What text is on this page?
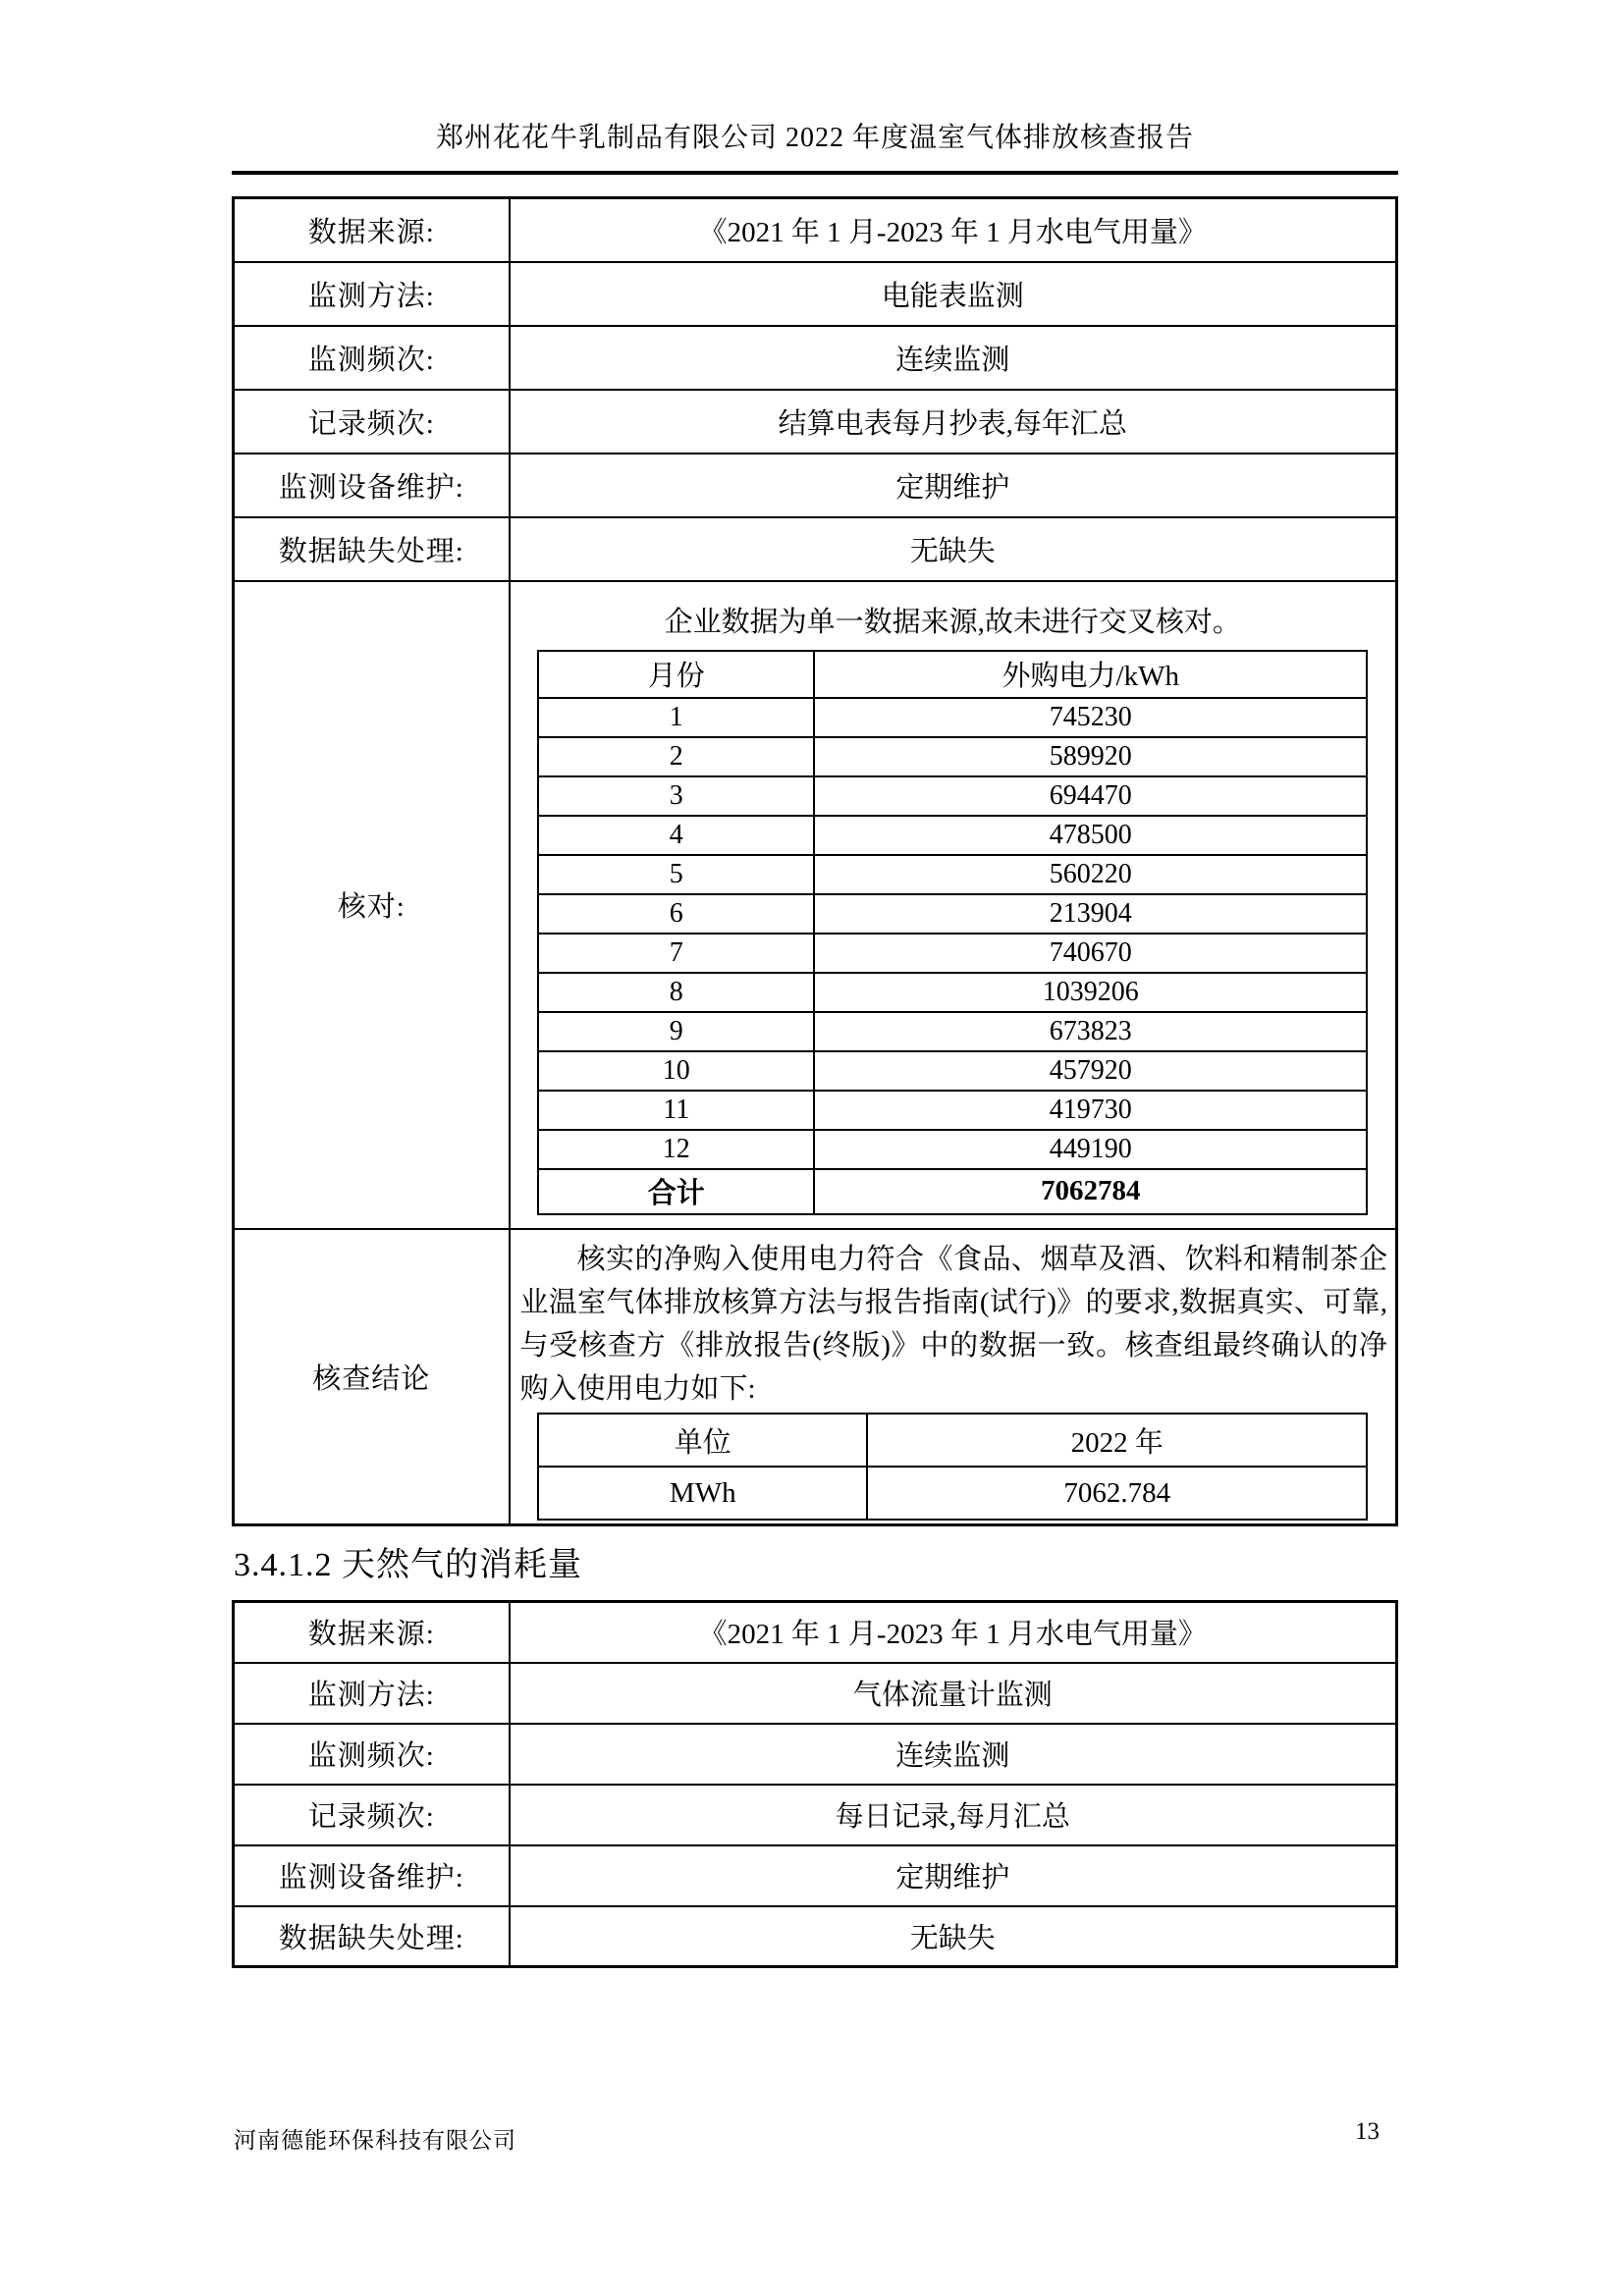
郑州花花牛乳制品有限公司 2022 年度温室气体排放核查报告
数据来源:	《2021 年 1 月-2023 年 1 月水电气用量》
监测方法:	电能表监测
监测频次:	连续监测
记录频次:	结算电表每月抄表,每年汇总
监测设备维护:	定期维护
数据缺失处理:	无缺失
核对:	
企业数据为单一数据来源,故未进行交叉核对。
月份	外购电力/kWh
1	745230
2	589920
3	694470
4	478500
5	560220
6	213904
7	740670
8	1039206
9	673823
10	457920
11	419730
12	449190
合计	7062784

核查结论	
核实的净购入使用电力符合《食品、烟草及酒、饮料和精制茶企业温室气体排放核算方法与报告指南(试行)》的要求,数据真实、可靠,与受核查方《排放报告(终版)》中的数据一致。核查组最终确认的净购入使用电力如下:
单位	2022 年
MWh	7062.784
3.4.1.2 天然气的消耗量
数据来源:	《2021 年 1 月-2023 年 1 月水电气用量》
监测方法:	气体流量计监测
监测频次:	连续监测
记录频次:	每日记录,每月汇总
监测设备维护:	定期维护
数据缺失处理:	无缺失
河南德能环保科技有限公司	13
